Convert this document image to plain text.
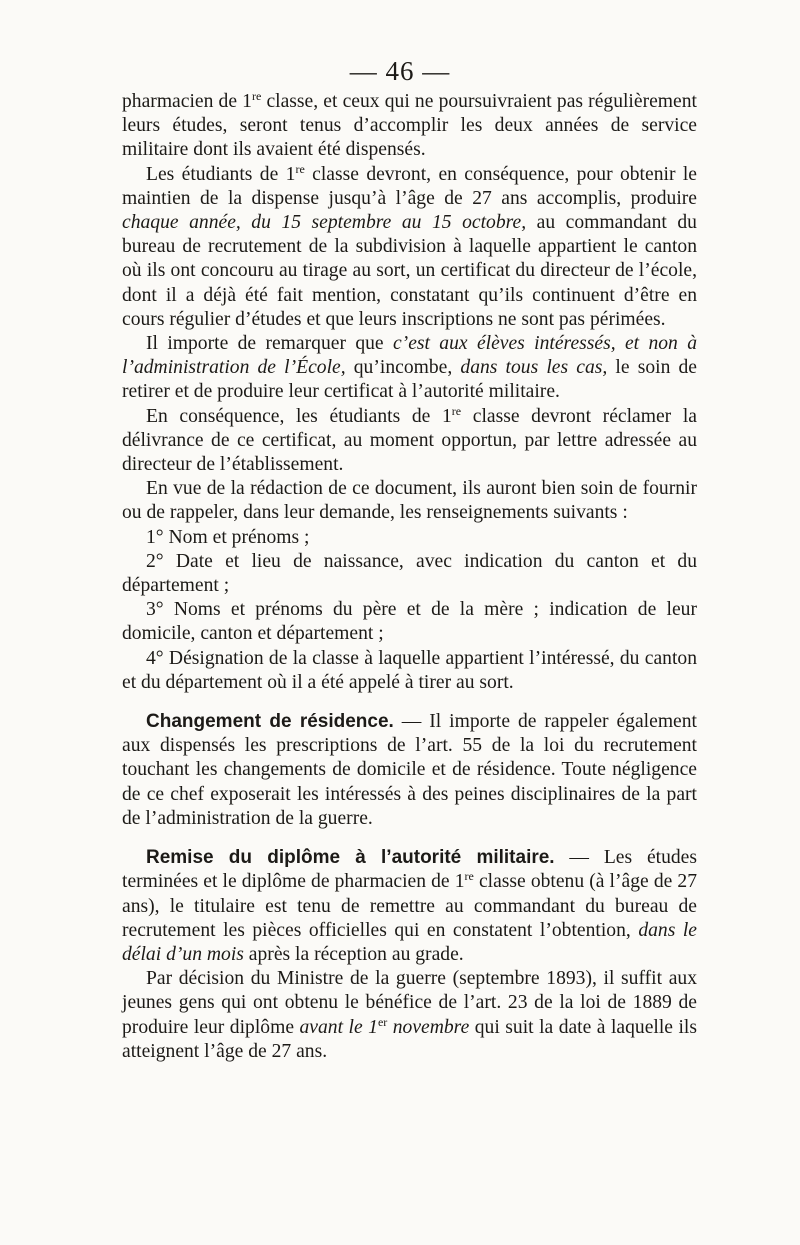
— 46 —

pharmacien de 1re classe, et ceux qui ne poursuivraient pas régulièrement leurs études, seront tenus d’accomplir les deux années de service militaire dont ils avaient été dispensés.

Les étudiants de 1re classe devront, en conséquence, pour obtenir le maintien de la dispense jusqu’à l’âge de 27 ans accomplis, produire chaque année, du 15 septembre au 15 octobre, au commandant du bureau de recrutement de la subdivision à laquelle appartient le canton où ils ont concouru au tirage au sort, un certificat du directeur de l’école, dont il a déjà été fait mention, constatant qu’ils continuent d’être en cours régulier d’études et que leurs inscriptions ne sont pas périmées.

Il importe de remarquer que c’est aux élèves intéressés, et non à l’administration de l’École, qu’incombe, dans tous les cas, le soin de retirer et de produire leur certificat à l’autorité militaire.

En conséquence, les étudiants de 1re classe devront réclamer la délivrance de ce certificat, au moment opportun, par lettre adressée au directeur de l’établissement.

En vue de la rédaction de ce document, ils auront bien soin de fournir ou de rappeler, dans leur demande, les renseignements suivants :

1° Nom et prénoms ;

2° Date et lieu de naissance, avec indication du canton et du département ;

3° Noms et prénoms du père et de la mère ; indication de leur domicile, canton et département ;

4° Désignation de la classe à laquelle appartient l’intéressé, du canton et du département où il a été appelé à tirer au sort.

Changement de résidence. — Il importe de rappeler également aux dispensés les prescriptions de l’art. 55 de la loi du recrutement touchant les changements de domicile et de résidence. Toute négligence de ce chef exposerait les intéressés à des peines disciplinaires de la part de l’administration de la guerre.

Remise du diplôme à l’autorité militaire. — Les études terminées et le diplôme de pharmacien de 1re classe obtenu (à l’âge de 27 ans), le titulaire est tenu de remettre au commandant du bureau de recrutement les pièces officielles qui en constatent l’obtention, dans le délai d’un mois après la réception au grade.

Par décision du Ministre de la guerre (septembre 1893), il suffit aux jeunes gens qui ont obtenu le bénéfice de l’art. 23 de la loi de 1889 de produire leur diplôme avant le 1er novembre qui suit la date à laquelle ils atteignent l’âge de 27 ans.
